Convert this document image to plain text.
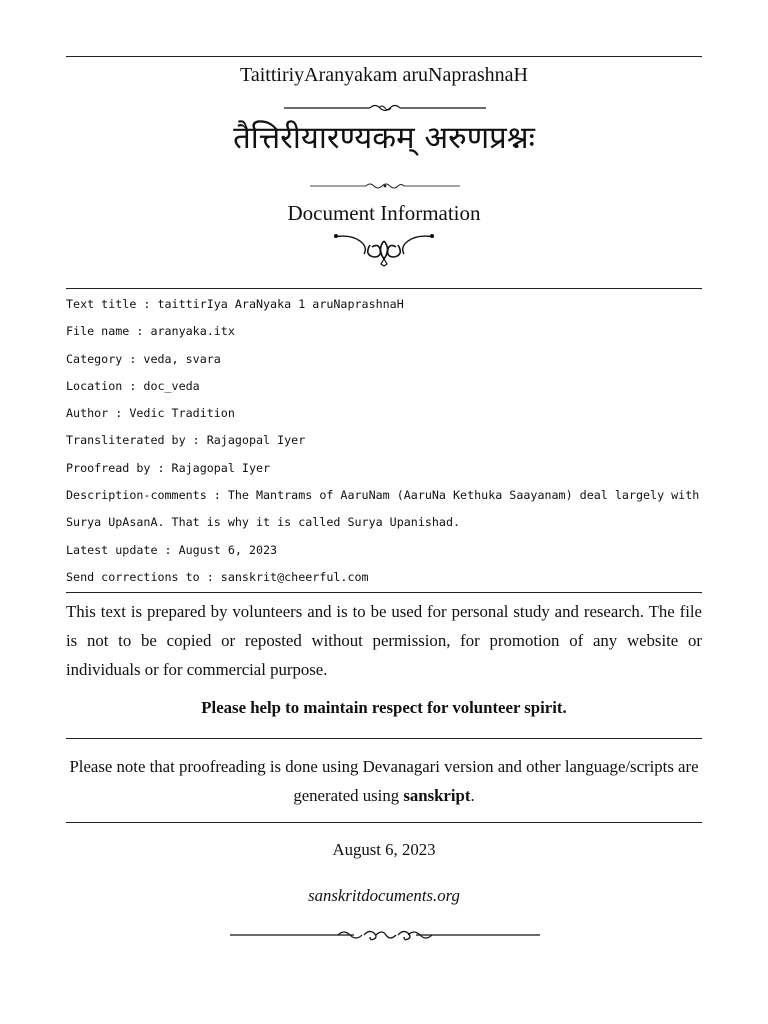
TaittiriyAranyakam aruNaprashnaH
तैत्तिरीयारण्यकम् अरुणप्रश्नः
Document Information
Text title : taittirIya AraNyaka 1 aruNaprashnaH
File name : aranyaka.itx
Category : veda, svara
Location : doc_veda
Author : Vedic Tradition
Transliterated by : Rajagopal Iyer
Proofread by : Rajagopal Iyer
Description-comments : The Mantrams of AaruNam (AaruNa Kethuka Saayanam) deal largely with
Surya UpAsanA. That is why it is called Surya Upanishad.
Latest update : August 6, 2023
Send corrections to : sanskrit@cheerful.com
This text is prepared by volunteers and is to be used for personal study and research. The file is not to be copied or reposted without permission, for promotion of any website or individuals or for commercial purpose.
Please help to maintain respect for volunteer spirit.
Please note that proofreading is done using Devanagari version and other language/scripts are generated using sanskript.
August 6, 2023
sanskritdocuments.org
